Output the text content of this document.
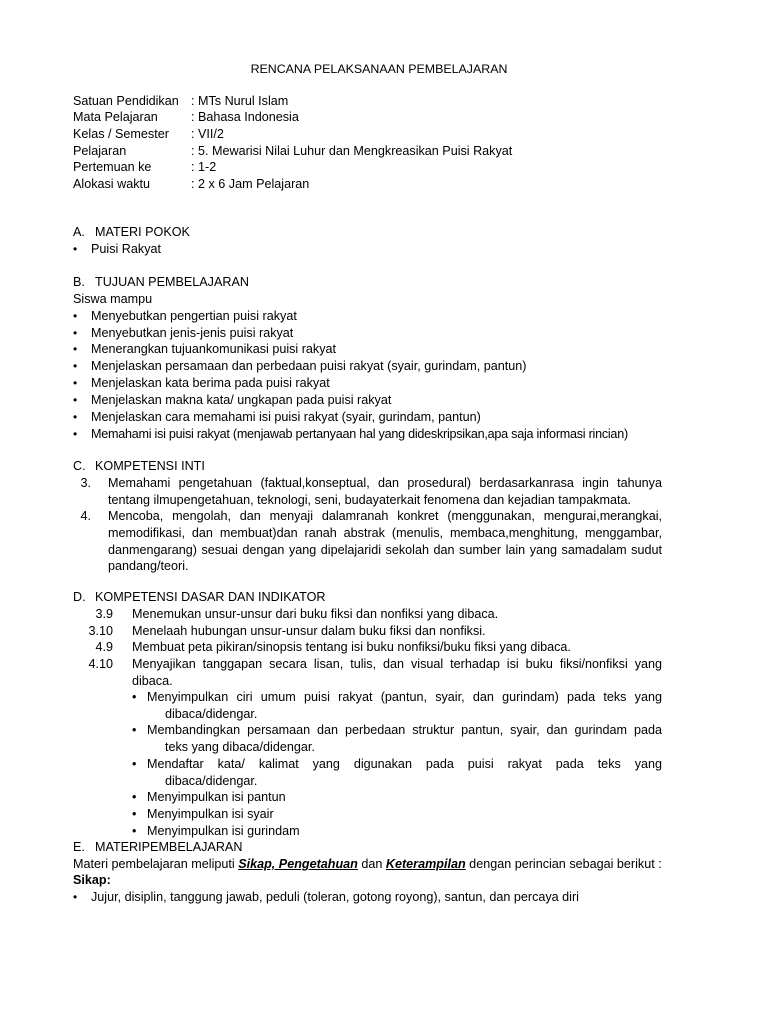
RENCANA PELAKSANAAN PEMBELAJARAN
Satuan Pendidikan : MTs Nurul Islam
Mata Pelajaran	: Bahasa Indonesia
Kelas / Semester : VII/2
Pelajaran	: 5. Mewarisi Nilai Luhur dan Mengkreasikan Puisi Rakyat
Pertemuan ke	: 1-2
Alokasi waktu	: 2 x 6 Jam Pelajaran
A. MATERI POKOK
• Puisi Rakyat
B. TUJUAN PEMBELAJARAN
Siswa mampu
• Menyebutkan pengertian puisi rakyat
• Menyebutkan jenis-jenis puisi rakyat
• Menerangkan tujuankomunikasi puisi rakyat
• Menjelaskan persamaan dan perbedaan puisi rakyat (syair, gurindam, pantun)
• Menjelaskan kata berima pada puisi rakyat
• Menjelaskan makna kata/ ungkapan pada puisi rakyat
• Menjelaskan cara memahami isi puisi rakyat (syair, gurindam, pantun)
• Memahami isi puisi rakyat (menjawab pertanyaan hal yang dideskripsikan,apa saja informasi rincian)
C. KOMPETENSI INTI
3. Memahami pengetahuan (faktual,konseptual, dan prosedural) berdasarkanrasa ingin tahunya tentang ilmupengetahuan, teknologi, seni, budayaterkait fenomena dan kejadian tampakmata.
4. Mencoba, mengolah, dan menyaji dalamranah konkret (menggunakan, mengurai,merangkai, memodifikasi, dan membuat)dan ranah abstrak (menulis, membaca,menghitung, menggambar, danmengarang) sesuai dengan yang dipelajaridi sekolah dan sumber lain yang samadalam sudut pandang/teori.
D. KOMPETENSI DASAR DAN INDIKATOR
3.9 Menemukan unsur-unsur dari buku fiksi dan nonfiksi yang dibaca.
3.10 Menelaah hubungan unsur-unsur dalam buku fiksi dan nonfiksi.
4.9 Membuat peta pikiran/sinopsis tentang isi buku nonfiksi/buku fiksi yang dibaca.
4.10 Menyajikan tanggapan secara lisan, tulis, dan visual terhadap isi buku fiksi/nonfiksi yang dibaca.
• Menyimpulkan ciri umum puisi rakyat (pantun, syair, dan gurindam) pada teks yang
dibaca/didengar.
• Membandingkan persamaan dan perbedaan struktur pantun, syair, dan gurindam pada
teks yang dibaca/didengar.
• Mendaftar kata/ kalimat yang digunakan pada puisi rakyat pada teks yang
dibaca/didengar.
• Menyimpulkan isi pantun
• Menyimpulkan isi syair
• Menyimpulkan isi gurindam
E. MATERIPEMBELAJARAN
Materi pembelajaran meliputi Sikap, Pengetahuan dan Keterampilan dengan perincian sebagai berikut :
Sikap:
• Jujur, disiplin, tanggung jawab, peduli (toleran, gotong royong), santun, dan percaya diri
